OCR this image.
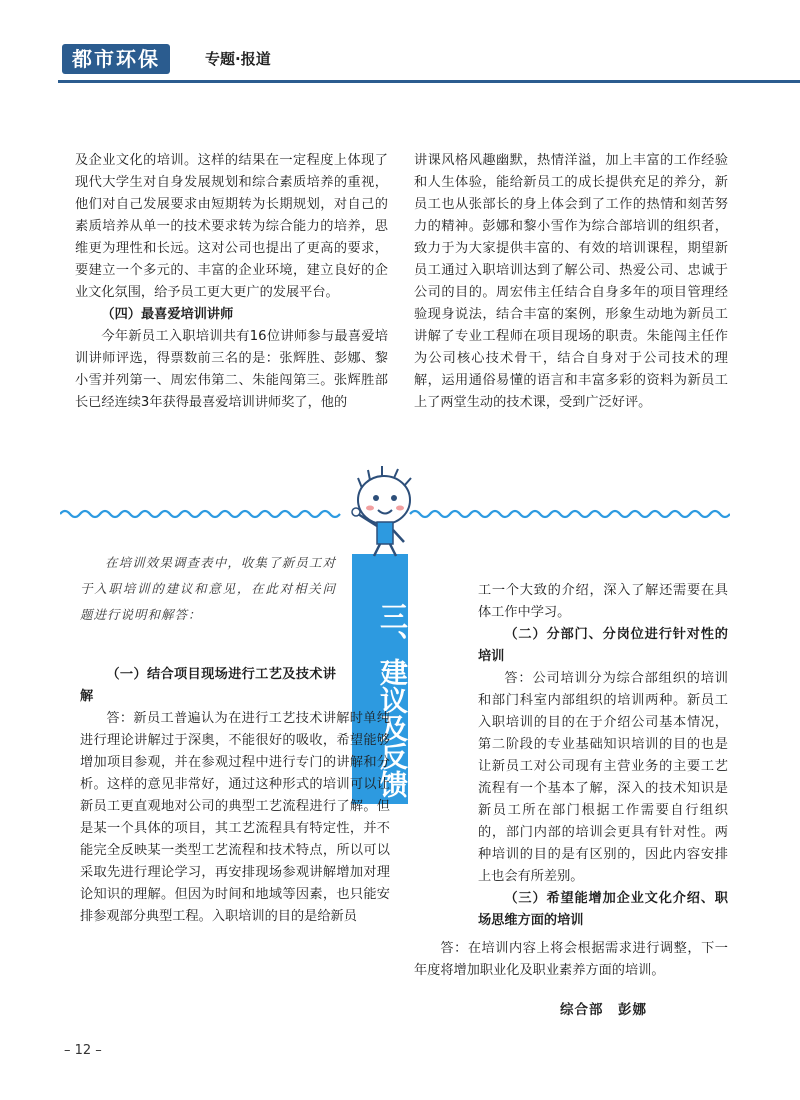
都市环保	专题·报道

及企业文化的培训。这样的结果在一定程度上体现了现代大学生对自身发展规划和综合素质培养的重视，他们对自己发展要求由短期转为长期规划，对自己的素质培养从单一的技术要求转为综合能力的培养，思维更为理性和长远。这对公司也提出了更高的要求，要建立一个多元的、丰富的企业环境，建立良好的企业文化氛围，给予员工更大更广的发展平台。

（四）最喜爱培训讲师

今年新员工入职培训共有16位讲师参与最喜爱培训讲师评选，得票数前三名的是：张辉胜、彭娜、黎小雪并列第一、周宏伟第二、朱能闯第三。张辉胜部长已经连续3年获得最喜爱培训讲师奖了，他的

讲课风格风趣幽默，热情洋溢，加上丰富的工作经验和人生体验，能给新员工的成长提供充足的养分，新员工也从张部长的身上体会到了工作的热情和刻苦努力的精神。彭娜和黎小雪作为综合部培训的组织者，致力于为大家提供丰富的、有效的培训课程，期望新员工通过入职培训达到了解公司、热爱公司、忠诚于公司的目的。周宏伟主任结合自身多年的项目管理经验现身说法，结合丰富的案例，形象生动地为新员工讲解了专业工程师在项目现场的职责。朱能闯主任作为公司核心技术骨干，结合自身对于公司技术的理解，运用通俗易懂的语言和丰富多彩的资料为新员工上了两堂生动的技术课，受到广泛好评。

三、建议及反馈

在培训效果调查表中，收集了新员工对于入职培训的建议和意见，在此对相关问题进行说明和解答：

（一）结合项目现场进行工艺及技术讲解

答：新员工普遍认为在进行工艺技术讲解时单纯进行理论讲解过于深奥，不能很好的吸收，希望能够增加项目参观，并在参观过程中进行专门的讲解和分析。这样的意见非常好，通过这种形式的培训可以让新员工更直观地对公司的典型工艺流程进行了解。但是某一个具体的项目，其工艺流程具有特定性，并不能完全反映某一类型工艺流程和技术特点，所以可以采取先进行理论学习，再安排现场参观讲解增加对理论知识的理解。但因为时间和地域等因素，也只能安排参观部分典型工程。入职培训的目的是给新员

工一个大致的介绍，深入了解还需要在具体工作中学习。

（二）分部门、分岗位进行针对性的培训

答：公司培训分为综合部组织的培训和部门科室内部组织的培训两种。新员工入职培训的目的在于介绍公司基本情况，第二阶段的专业基础知识培训的目的也是让新员工对公司现有主营业务的主要工艺流程有一个基本了解，深入的技术知识是新员工所在部门根据工作需要自行组织的，部门内部的培训会更具有针对性。两种培训的目的是有区别的，因此内容安排上也会有所差别。

（三）希望能增加企业文化介绍、职场思维方面的培训

答：在培训内容上将会根据需求进行调整，下一年度将增加职业化及职业素养方面的培训。

综合部　彭娜
– 12 –
